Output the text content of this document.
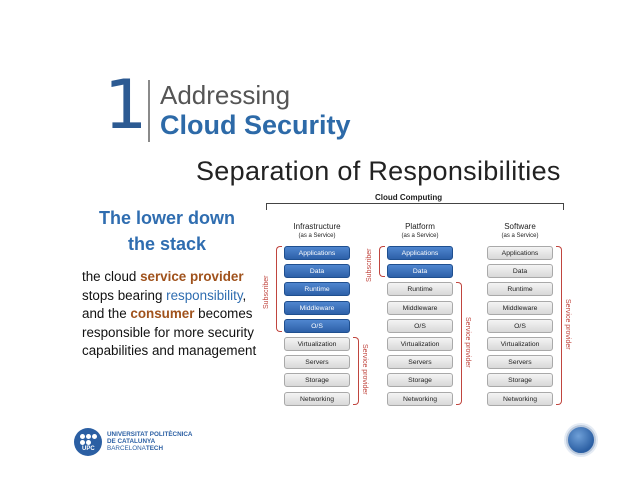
1 Addressing
Cloud Security
Separation of Responsibilities
The lower down
the stack
the cloud service provider stops bearing responsibility, and the consumer becomes responsible for more security capabilities and management
Cloud Computing
Infrastructure
(as a Service)
Applications
Data
Runtime
Middleware
O/S
Virtualization
Servers
Storage
Networking
Subscriber
Service provider
Platform
(as a Service)
Applications
Data
Runtime
Middleware
O/S
Virtualization
Servers
Storage
Networking
Subscriber
Service provider
Software
(as a Service)
Applications
Data
Runtime
Middleware
O/S
Virtualization
Servers
Storage
Networking
Service provider
UPC
UNIVERSITAT POLITÈCNICA
DE CATALUNYA
BARCELONATECH
